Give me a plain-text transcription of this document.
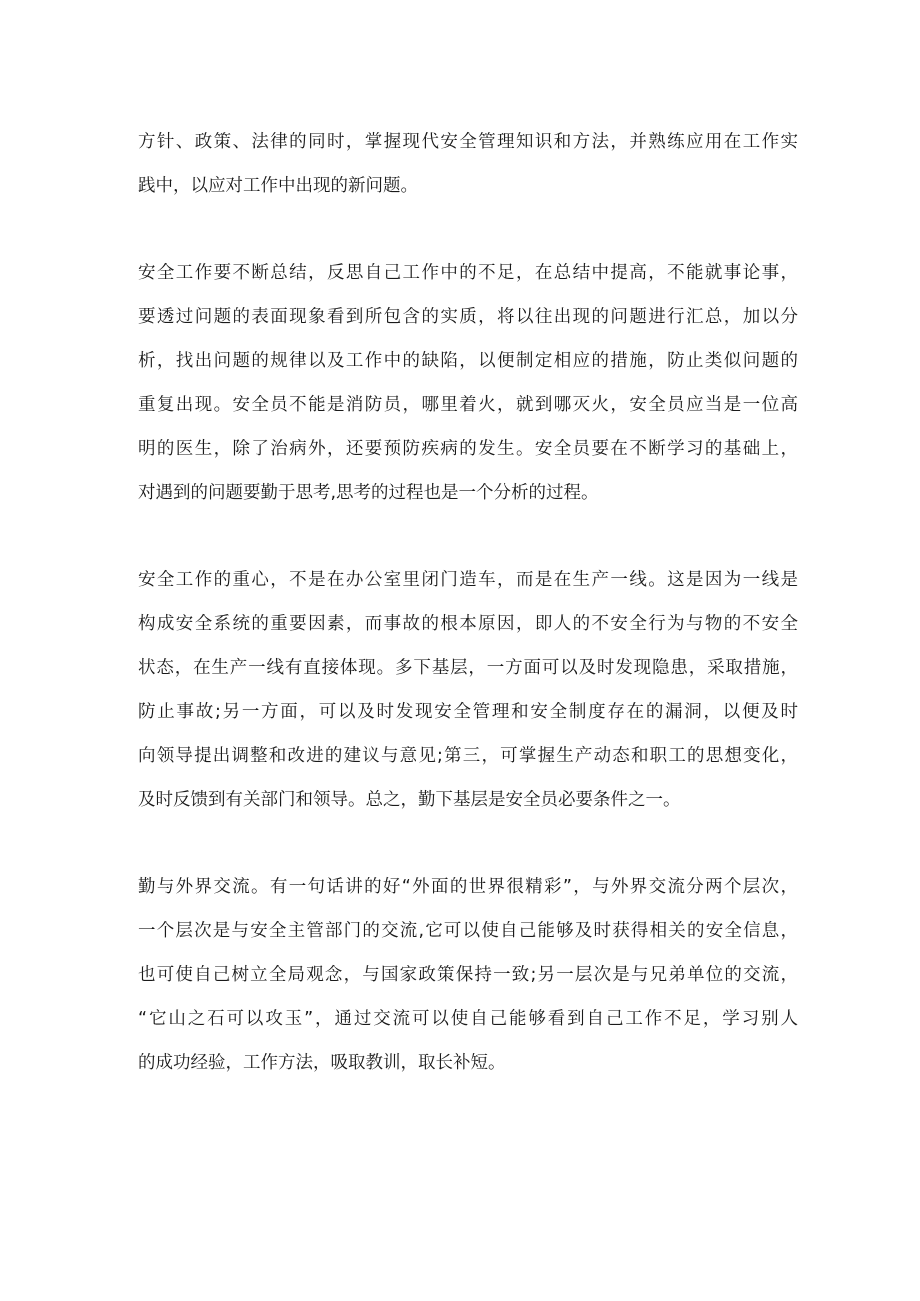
方针、政策、法律的同时，掌握现代安全管理知识和方法，并熟练应用在工作实
践中，以应对工作中出现的新问题。

安全工作要不断总结，反思自己工作中的不足，在总结中提高，不能就事论事，
要透过问题的表面现象看到所包含的实质，将以往出现的问题进行汇总，加以分
析，找出问题的规律以及工作中的缺陷，以便制定相应的措施，防止类似问题的
重复出现。安全员不能是消防员，哪里着火，就到哪灭火，安全员应当是一位高
明的医生，除了治病外，还要预防疾病的发生。安全员要在不断学习的基础上，
对遇到的问题要勤于思考,思考的过程也是一个分析的过程。

安全工作的重心，不是在办公室里闭门造车，而是在生产一线。这是因为一线是
构成安全系统的重要因素，而事故的根本原因，即人的不安全行为与物的不安全
状态，在生产一线有直接体现。多下基层，一方面可以及时发现隐患，采取措施，
防止事故;另一方面，可以及时发现安全管理和安全制度存在的漏洞，以便及时
向领导提出调整和改进的建议与意见;第三，可掌握生产动态和职工的思想变化，
及时反馈到有关部门和领导。总之，勤下基层是安全员必要条件之一。

勤与外界交流。有一句话讲的好“外面的世界很精彩”，与外界交流分两个层次，
一个层次是与安全主管部门的交流,它可以使自己能够及时获得相关的安全信息，
也可使自己树立全局观念，与国家政策保持一致;另一层次是与兄弟单位的交流，
“它山之石可以攻玉”，通过交流可以使自己能够看到自己工作不足，学习别人
的成功经验，工作方法，吸取教训，取长补短。
